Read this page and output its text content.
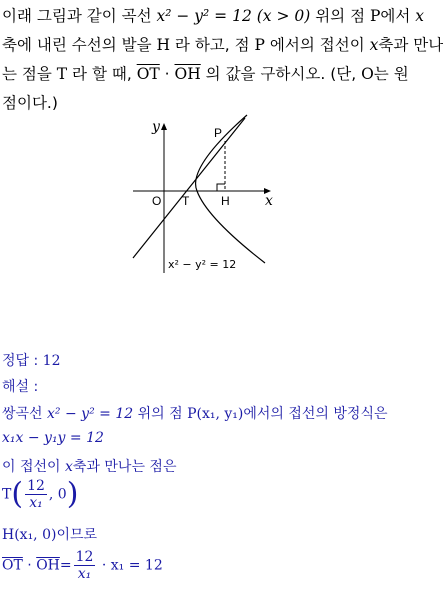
이래 그림과 같이 곡선 x² − y² = 12 (x > 0) 위의 점 P에서 x
축에 내린 수선의 발을 H 라 하고, 점 P 에서의 접선이 x축과 만나
는 점을 T 라 할 때, $\overline{OT} \cdot \overline{OH}$ 의 값을 구하시오. (단, O는 원
점이다.)
y
x
P
O T	H
x² − y² = 12
정답 : 12
해설 :
쌍곡선 x² − y² = 12 위의 점 P(x₁, y₁)에서의 접선의 방정식은
x₁x − y₁y = 12
이 접선이 x축과 만나는 점은
$T( \frac{12}{\text{x₁}}$ , 0)
H(x₁, 0)이므로
$\overline{OT} \cdot \overline{OH}= \frac{12}{\text{x₁}} \cdot x_1 = 12$
